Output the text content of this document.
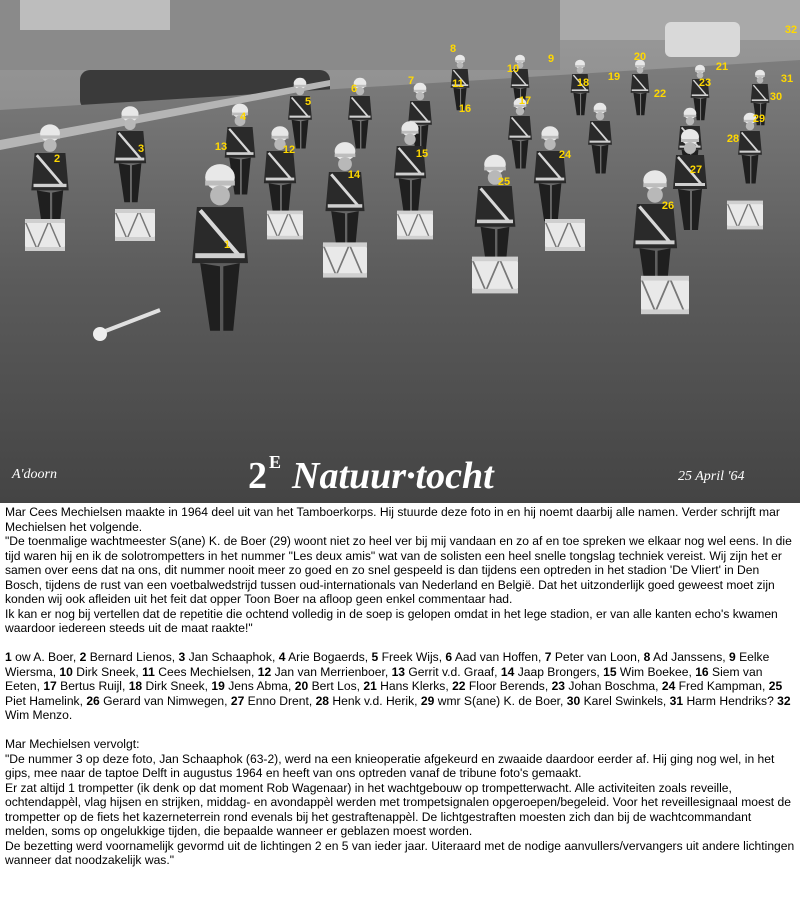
1
2
3
4
5
6
7
8
9
10
11
12
13
14
15
16
17
18 19
20
21
22
23
24
25
26
27
28
29
30
31
32
A'doorn	2 E Natuur·tocht	25 April '64

Mar Cees Mechielsen maakte in 1964 deel uit van het Tamboerkorps. Hij stuurde deze foto in en hij noemt daarbij alle namen. Verder schrijft mar Mechielsen het volgende.

"De toenmalige wachtmeester S(ane) K. de Boer (29) woont niet zo heel ver bij mij vandaan en zo af en toe spreken we elkaar nog wel eens. In die tijd waren hij en ik de solotrompetters in het nummer "Les deux amis" wat van de solisten een heel snelle tongslag techniek vereist. Wij zijn het er samen over eens dat na ons, dit nummer nooit meer zo goed en zo snel gespeeld is dan tijdens een optreden in het stadion 'De Vliert' in Den Bosch, tijdens de rust van een voetbalwedstrijd tussen oud-internationals van Nederland en België. Dat het uitzonderlijk goed geweest moet zijn konden wij ook afleiden uit het feit dat opper Toon Boer na afloop geen enkel commentaar had.

Ik kan er nog bij vertellen dat de repetitie die ochtend volledig in de soep is gelopen omdat in het lege stadion, er van alle kanten echo's kwamen waardoor iedereen steeds uit de maat raakte!"

1 ow A. Boer, 2 Bernard Lienos, 3 Jan Schaaphok, 4 Arie Bogaerds, 5 Freek Wijs, 6 Aad van Hoffen, 7 Peter van Loon, 8 Ad Janssens, 9 Eelke Wiersma, 10 Dirk Sneek, 11 Cees Mechielsen, 12 Jan van Merrienboer, 13 Gerrit v.d. Graaf, 14 Jaap Brongers, 15 Wim Boekee, 16 Siem van Eeten, 17 Bertus Ruijl, 18 Dirk Sneek, 19 Jens Abma, 20 Bert Los, 21 Hans Klerks, 22 Floor Berends, 23 Johan Boschma, 24 Fred Kampman, 25 Piet Hamelink, 26 Gerard van Nimwegen, 27 Enno Drent, 28 Henk v.d. Herik, 29 wmr S(ane) K. de Boer, 30 Karel Swinkels, 31 Harm Hendriks? 32 Wim Menzo.

Mar Mechielsen vervolgt:

"De nummer 3 op deze foto, Jan Schaaphok (63-2), werd na een knieoperatie afgekeurd en zwaaide daardoor eerder af. Hij ging nog wel, in het gips, mee naar de taptoe Delft in augustus 1964 en heeft van ons optreden vanaf de tribune foto's gemaakt.

Er zat altijd 1 trompetter (ik denk op dat moment Rob Wagenaar) in het wachtgebouw op trompetterwacht. Alle activiteiten zoals reveille, ochtendappèl, vlag hijsen en strijken, middag- en avondappèl werden met trompetsignalen opgeroepen/begeleid. Voor het reveillesignaal moest de trompetter op de fiets het kazerneterrein rond evenals bij het gestraftenappèl. De lichtgestraften moesten zich dan bij de wachtcommandant melden, soms op ongelukkige tijden, die bepaalde wanneer er geblazen moest worden.

De bezetting werd voornamelijk gevormd uit de lichtingen 2 en 5 van ieder jaar. Uiteraard met de nodige aanvullers/vervangers uit andere lichtingen wanneer dat noodzakelijk was."
